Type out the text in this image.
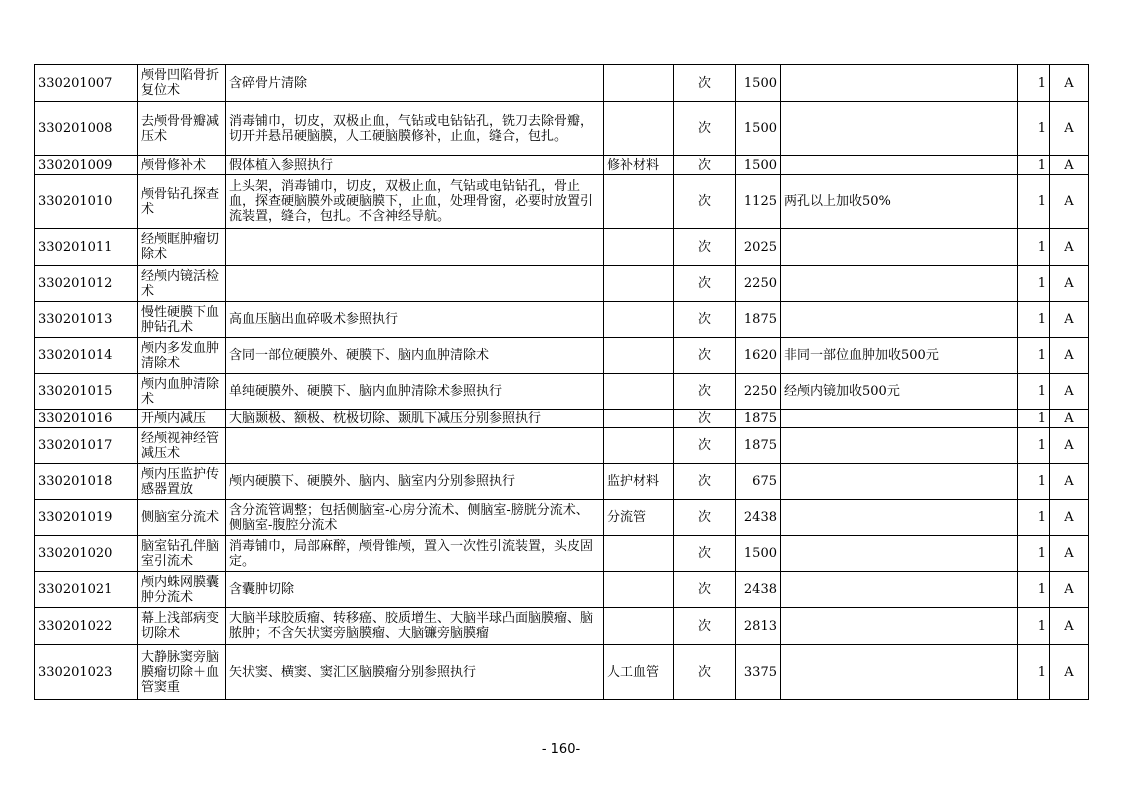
330201007	颅骨凹陷骨折复位术	含碎骨片清除		次	1500		1	A
330201008	去颅骨骨瓣减压术	消毒铺巾，切皮，双极止血，气钻或电钻钻孔，铣刀去除骨瓣，切开并悬吊硬脑膜，人工硬脑膜修补，止血，缝合，包扎。		次	1500		1	A
330201009	颅骨修补术	假体植入参照执行	修补材料	次	1500		1	A
330201010	颅骨钻孔探查术	上头架，消毒铺巾，切皮，双极止血，气钻或电钻钻孔，骨止血，探查硬脑膜外或硬脑膜下，止血，处理骨窗，必要时放置引流装置，缝合，包扎。不含神经导航。		次	1125	两孔以上加收50%	1	A
330201011	经颅眶肿瘤切除术			次	2025		1	A
330201012	经颅内镜活检术			次	2250		1	A
330201013	慢性硬膜下血肿钻孔术	高血压脑出血碎吸术参照执行		次	1875		1	A
330201014	颅内多发血肿清除术	含同一部位硬膜外、硬膜下、脑内血肿清除术		次	1620	非同一部位血肿加收500元	1	A
330201015	颅内血肿清除术	单纯硬膜外、硬膜下、脑内血肿清除术参照执行		次	2250	经颅内镜加收500元	1	A
330201016	开颅内减压	大脑颞极、额极、枕极切除、颞肌下减压分别参照执行		次	1875		1	A
330201017	经颅视神经管减压术			次	1875		1	A
330201018	颅内压监护传感器置放	颅内硬膜下、硬膜外、脑内、脑室内分别参照执行	监护材料	次	675		1	A
330201019	侧脑室分流术	含分流管调整；包括侧脑室-心房分流术、侧脑室-膀胱分流术、侧脑室-腹腔分流术	分流管	次	2438		1	A
330201020	脑室钻孔伴脑室引流术	消毒铺巾，局部麻醉，颅骨锥颅，置入一次性引流装置，头皮固定。		次	1500		1	A
330201021	颅内蛛网膜囊肿分流术	含囊肿切除		次	2438		1	A
330201022	幕上浅部病变切除术	大脑半球胶质瘤、转移癌、胶质增生、大脑半球凸面脑膜瘤、脑脓肿；不含矢状窦旁脑膜瘤、大脑镰旁脑膜瘤		次	2813		1	A
330201023	大静脉窦旁脑膜瘤切除＋血管窦重	矢状窦、横窦、窦汇区脑膜瘤分别参照执行	人工血管	次	3375		1	A
- 160-
